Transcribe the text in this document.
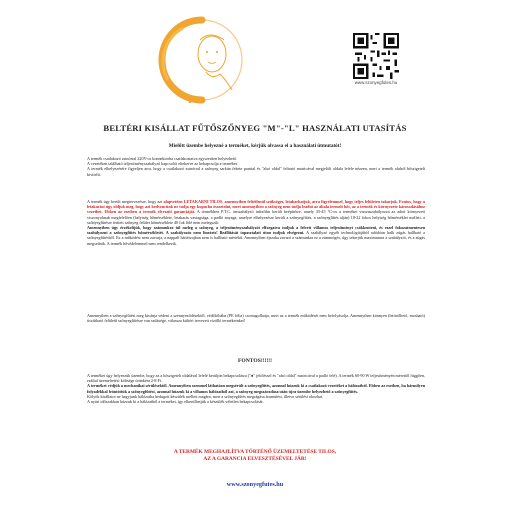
www.szonyegfutes.hu
BELTÉRI KISÁLLAT FŰTŐSZŐNYEG "M"-"L" HASZNÁLATI UTASÍTÁS
Mielőtt üzembe helyezné a terméket, kérjük olvassa el a használati útmutatót!

A termék csatlakozó zsinórral 220V-os konnektorba csatlakoztatva egyszerűen helyezhető.

A vezetéken található teljesítményszabályzó kapcsolót eltekerve az bekapcsolja a terméket.

A termék elhelyezésére figyeljen arra, hogy a csatlakozó zsinórral a szőnyeg sarkán fekete ponttal és "alsó oldal" felirató matricával megjelölt oldala lefele nézzen, mert a termék alulról hőszigetelt kivitelű.

A termék úgy került megtervezésre, hogy azt alapvetően LETAKARNI TILOS, amennyiben feltétlenül szükséges, letakarhatjuk, arra figyelemmel, hogy teljes felületen takarjuk. Fontos, hogy a letakarást úgy oldjuk meg, hogy azt kedvencünk ne tudja egy kupacba összetolni, mert amennyiben a szőnyeg nem tudja leadni az általa termelt hőt, az a termék és környezete károsodásához vezethet. Ebben az esetben a termék elveszíti garanciáját. A termékben P.T.C. önszabályzó infrafilm került beépítésre, amely 35-45 °C-os a terméket visszaszabályozza az adott környezeti viszonyoknak megfelelően (helyiség hőmérséklete, letakarás vastagsága, a padló anyaga, amelyre elhelyezésre került a szőnyegfűtés, a szőnyegfűtés alján) 18-22 fokos helyiség hőmérséklet mellett, a szőnyegfűtésre terített szőnyeg felület hőmérséklete 40 fok fölé nem melegszik.

Amennyiben úgy érzékelijük, hogy számunkra túl meleg a szőnyeg, a teljesítményszabályzót elforgatva tudjuk a felvett villamos teljesítményt csökkenteni, és ezzel fokozatmentesen szabályozni a szőnyegfűtés hőmérsékletét. A szabályozás nem lineáris! Beállítását tapasztalati úton tudjuk elvégezni. A szabályzó egyéb technológiájából adódóan halk zúgás hallható a szőnyegfűtésből. Ez a működést nem zavarja, a nappali háttérzajban nem is hallható mértékű. Amennyiben éjszaka zavaró a számunkra ez a zümmögés, úgy tekerjük maximumra a szabályzót, és a zúgás megszűnik. A termék hővédelemmel nem rendelkezik.

Amennyiben a szőnyegfűtést meg kívánja védeni a szennyeződésektől, védőfóliába (PE fólia) csomagolhatja, mert az a termék működését nem befolyásolja. Amennyiben könnyen (letörölhető, mosható) tisztítható felületű szőnyegfűtésre van szüksége, válassza kültéri tervezett vízálló termékeinket!

FONTOS!!!!!!

A terméket úgy helyezzük üzembe, hogy az a hőszigetelt oldalával lefelé kerüljön bekapcsolásra ("●" jelöléssel és "alsó oldal" matricával a padló felé). A termék 60-90 W teljesítményén mérettől függően, ezáltal üzemeltetési költsége óránként 2-8 Ft.

A terméket védjük a mechanikai sérülésektől. Amennyiben szemmel láthatóan megsérült a szőnyegfűtés, azonnal húzzuk ki a csatlakozó vezetéket a hálózatból. Ebben az esetben, ha bármilyen folyadékkal leöntöttük a szőnyegfűtést, azonnal húzzuk ki a villamos hálózatból azt, a szőnyeg megszáradása után újra üzembe helyezhető a szőnyegfűtés.

Kölyök kisállatot ne hagyjunk hálózatba bedugott készülék mellett magára, mert a szőnyegfűtés megrágása áramütést, illetve sérülést okozhat.

A nyári időszakban húzzuk ki a hálózatból a terméket, így elkerülhetjük a készülék véletlen bekapcsolását.

A TERMÉK MEGHAJLÍTVA TÖRTÉNŐ ÜZEMELTETÉSE TILOS,
AZ A GARANCIA ELVESZTÉSÉVEL JÁR!
www.szonyegfutes.hu
